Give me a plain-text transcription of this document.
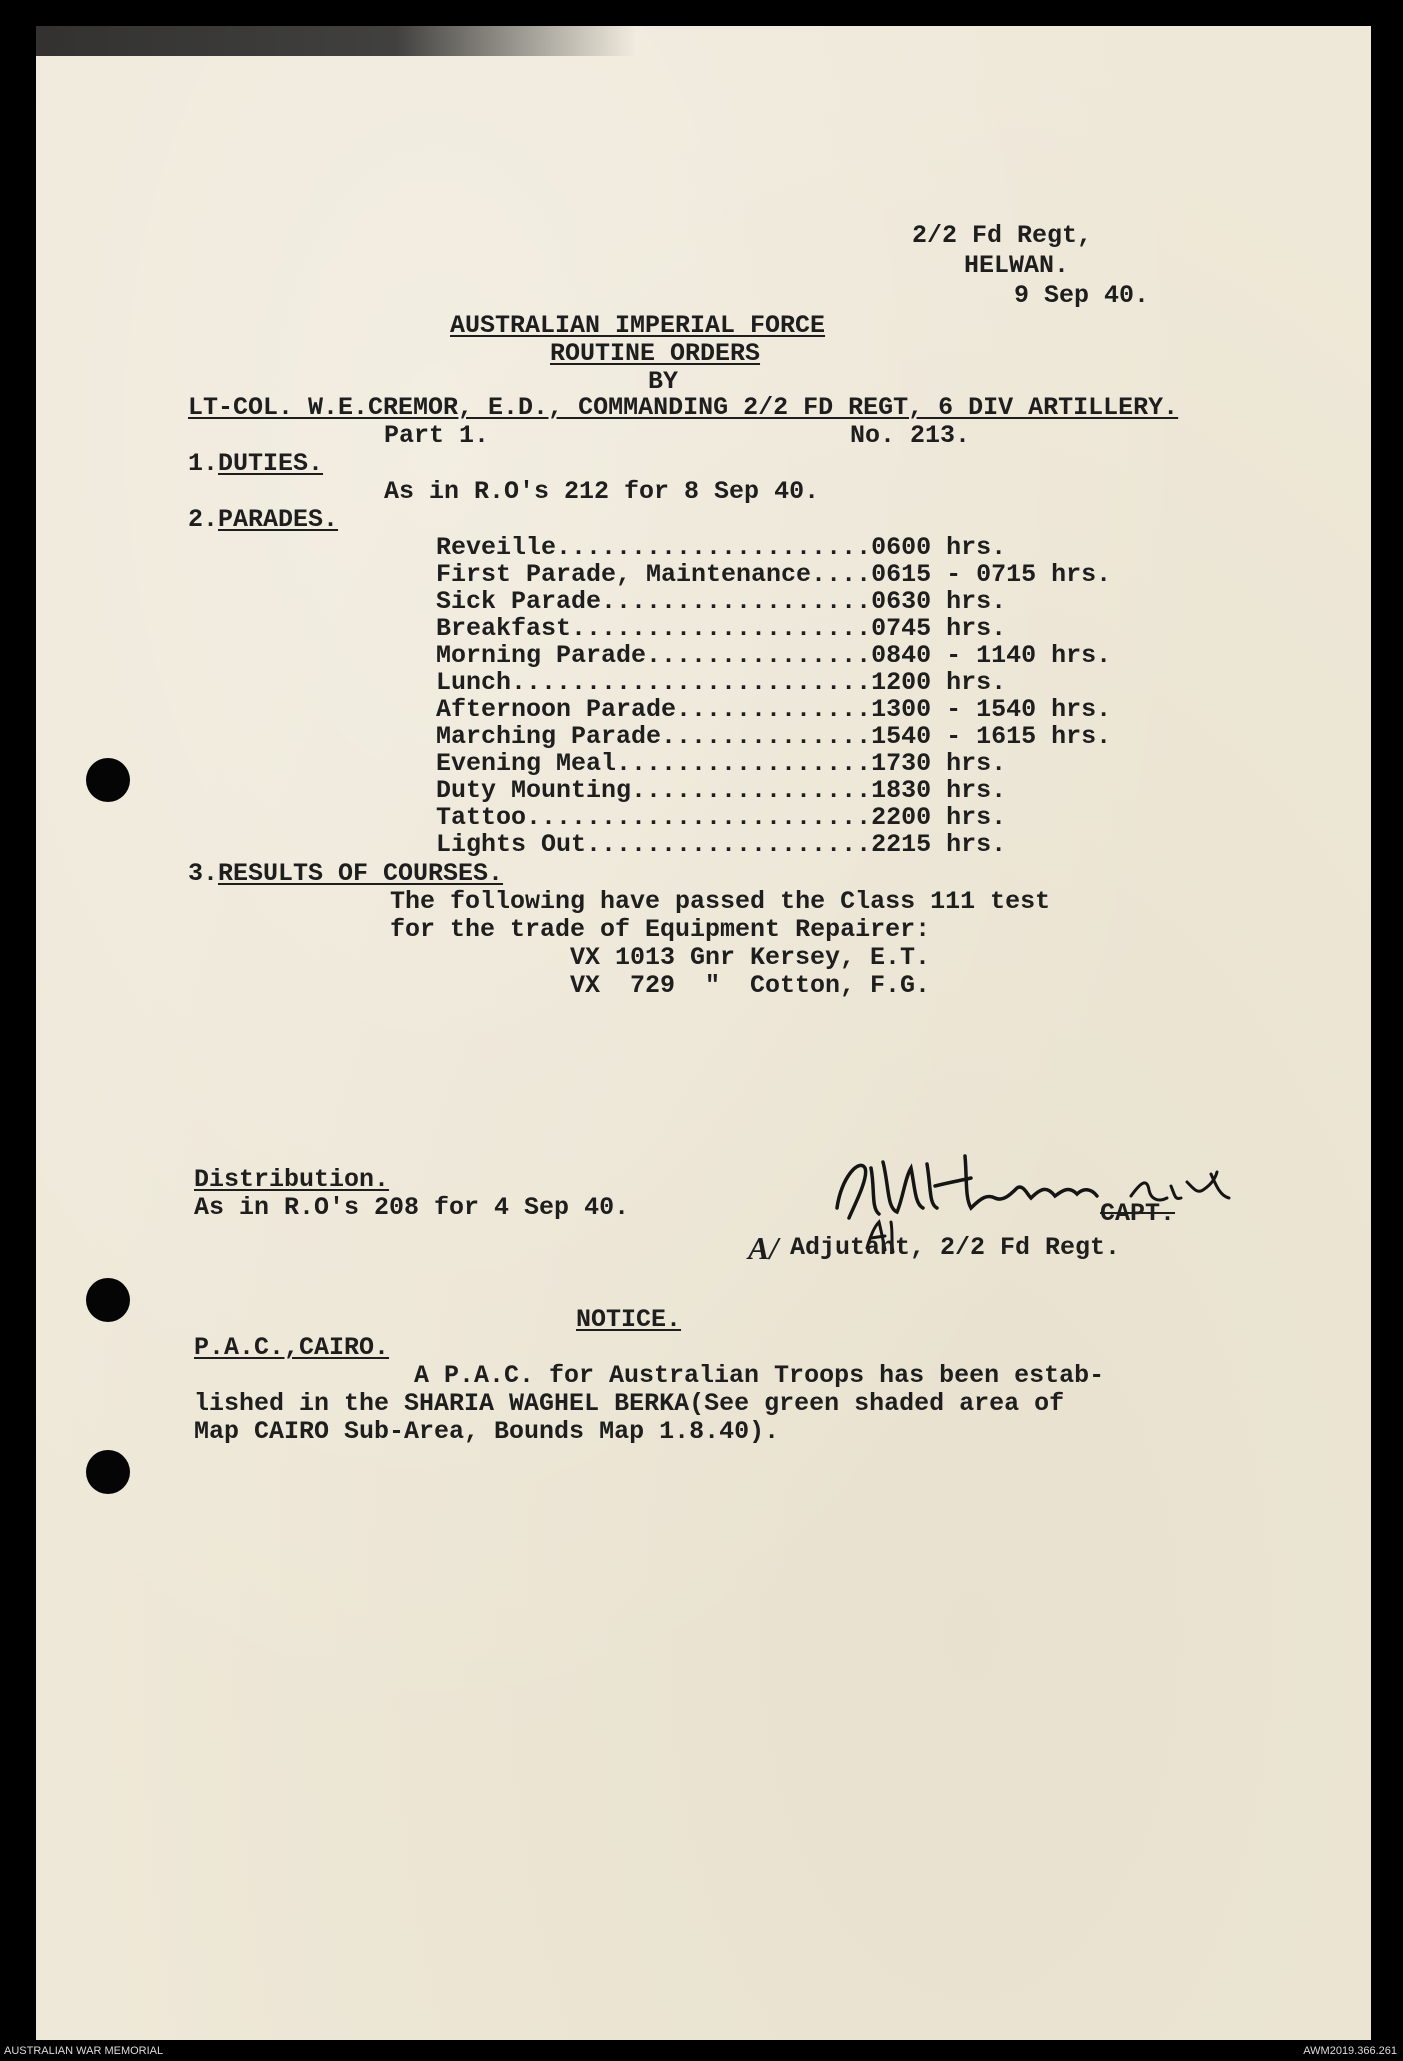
2/2 Fd Regt,
HELWAN.
9 Sep 40.
AUSTRALIAN IMPERIAL FORCE
ROUTINE ORDERS
BY
LT-COL. W.E.CREMOR, E.D., COMMANDING 2/2 FD REGT, 6 DIV ARTILLERY.
Part 1.	No. 213.
1. DUTIES.
As in R.O's 212 for 8 Sep 40.
2. PARADES.
Reveille.....................0600 hrs.
First Parade, Maintenance....0615 - 0715 hrs.
Sick Parade..................0630 hrs.
Breakfast....................0745 hrs.
Morning Parade...............0840 - 1140 hrs.
Lunch........................1200 hrs.
Afternoon Parade.............1300 - 1540 hrs.
Marching Parade..............1540 - 1615 hrs.
Evening Meal.................1730 hrs.
Duty Mounting................1830 hrs.
Tattoo.......................2200 hrs.
Lights Out...................2215 hrs.
3. RESULTS OF COURSES.
The following have passed the Class 111 test
for the trade of Equipment Repairer:
VX 1013 Gnr Kersey, E.T.
VX  729  "  Cotton, F.G.
Distribution.
As in R.O's 208 for 4 Sep 40.	CAPT.
A/ Adjutant, 2/2 Fd Regt.
NOTICE.
P.A.C.,CAIRO.
A P.A.C. for Australian Troops has been estab-
lished in the SHARIA WAGHEL BERKA(See green shaded area of
Map CAIRO Sub-Area, Bounds Map 1.8.40).
AUSTRALIAN WAR MEMORIAL	AWM2019.366.261
